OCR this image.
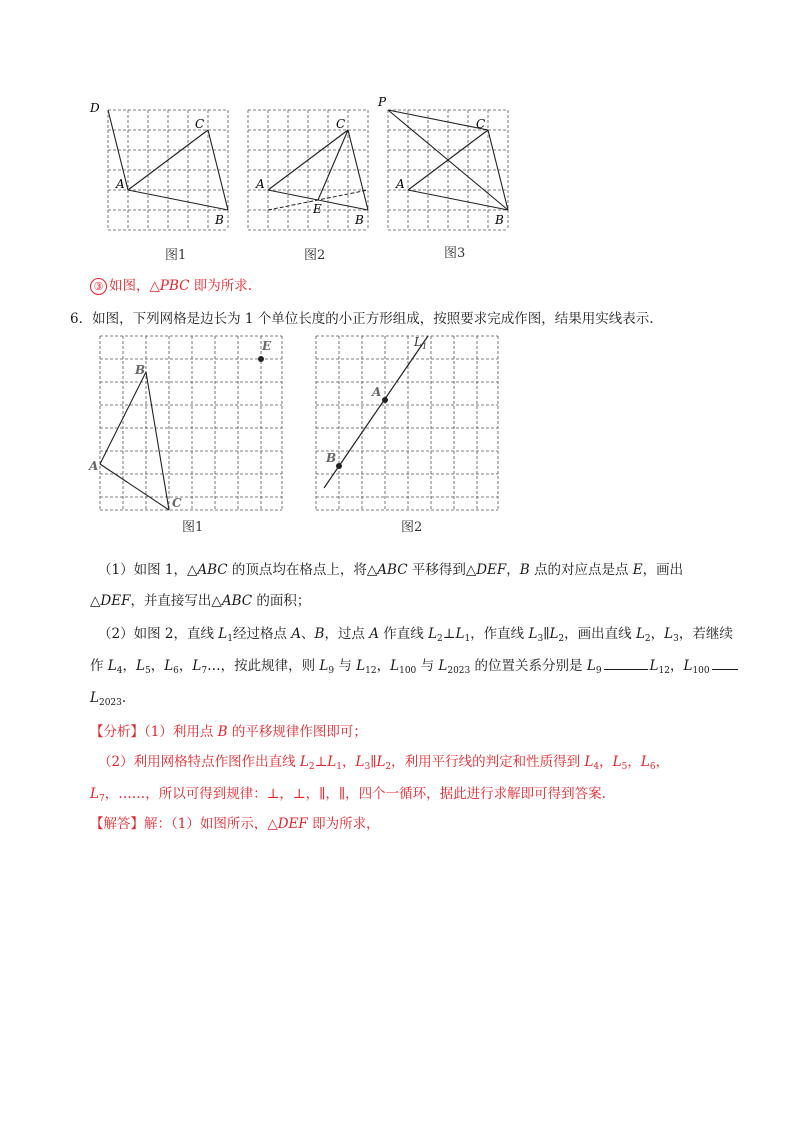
D
C
A
B
图1
C
A
E
B
图2
P
C
A
B
图3
③ 如图，△PBC 即为所求.
6．如图，下列网格是边长为 1 个单位长度的小正方形组成，按照要求完成作图，结果用实线表示.
E
B
A
C
图1
$L_1$
A
B
图2
（1）如图 1，△ABC 的顶点均在格点上，将△ABC 平移得到△DEF，B 点的对应点是点 E，画出
△DEF，并直接写出△ABC 的面积；
（2）如图 2，直线 $L_1$经过格点 A、B，过点 A 作直线 $L_2\perp L_1$，作直线 $L_3\parallel L_2$，画出直线 $L_2$，$L_3$，若继续
作 $L_4$，$L_5$，$L_6$，$L_7\dots$，按此规律，则 $L_9$ 与 $L_{12}$，$L_{100}$ 与 $L_{2023}$ 的位置关系分别是 $L_9$	$L_{12}$，$L_{100}$
$L_{2023}$.
【分析】（1）利用点 B 的平移规律作图即可；
（2）利用网格特点作图作出直线 $L_2\perp L_1$，$L_3\parallel L_2$，利用平行线的判定和性质得到 $L_4$，$L_5$，$L_6$，
$L_7$，……，所以可得到规律：⊥，⊥，∥，∥，四个一循环，据此进行求解即可得到答案.
【解答】解：（1）如图所示，△DEF 即为所求，
